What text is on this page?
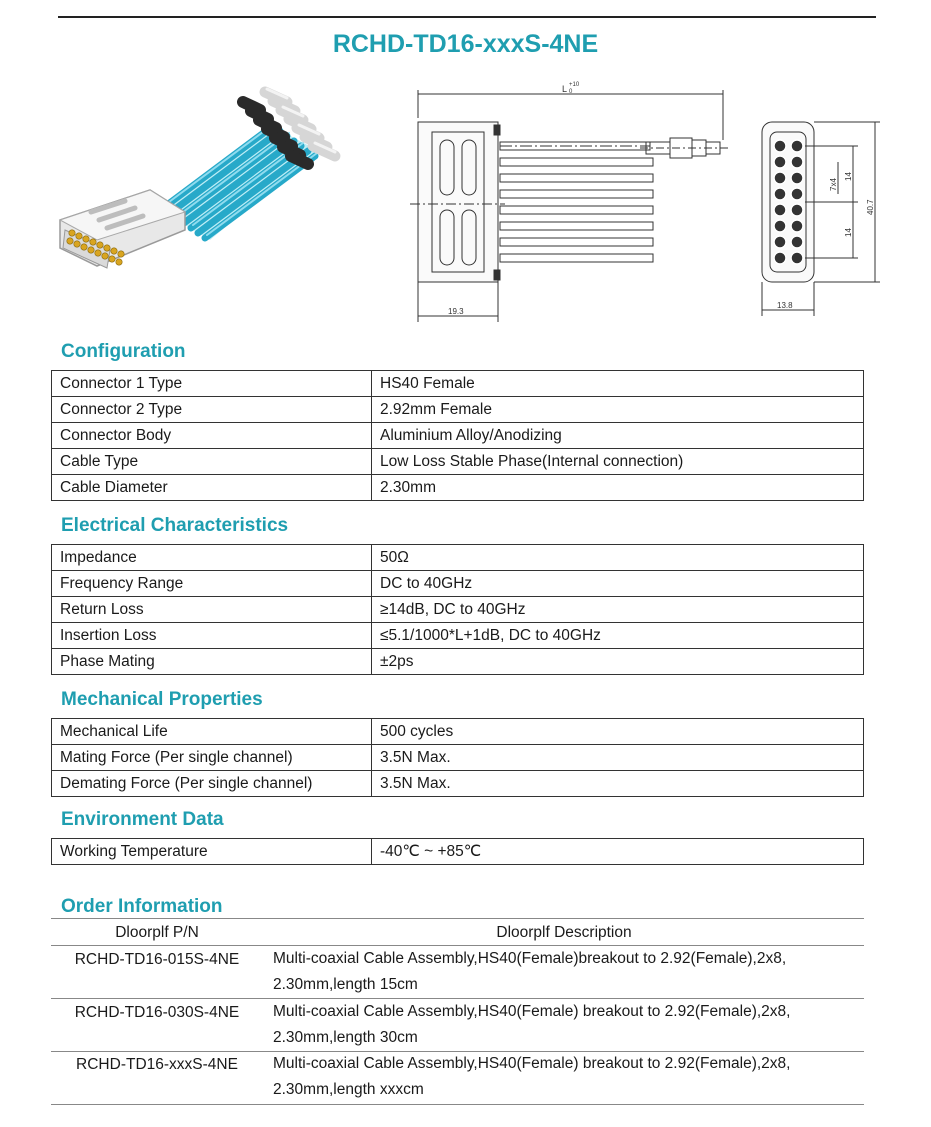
RCHD-TD16-xxxS-4NE
L +10
0
19.3
13.8
40.7
7x4
14
14
Configuration
Connector 1 Type	HS40 Female
Connector 2 Type	2.92mm Female
Connector Body	Aluminium Alloy/Anodizing
Cable Type	Low Loss Stable Phase(Internal connection)
Cable Diameter	2.30mm
Electrical Characteristics
Impedance	50Ω
Frequency Range	DC to 40GHz
Return Loss	≥14dB, DC to 40GHz
Insertion Loss	≤5.1/1000*L+1dB, DC to 40GHz
Phase Mating	±2ps
Mechanical Properties
Mechanical Life	500 cycles
Mating Force (Per single channel)	3.5N Max.
Demating Force (Per single channel)	3.5N Max.
Environment Data
Working Temperature	-40℃ ~ +85℃
Order Information
Dloorplf P/N	Dloorplf Description
RCHD-TD16-015S-4NE	Multi-coaxial Cable Assembly,HS40(Female)breakout to 2.92(Female),2x8,
2.30mm,length 15cm
RCHD-TD16-030S-4NE	Multi-coaxial Cable Assembly,HS40(Female) breakout to 2.92(Female),2x8,
2.30mm,length 30cm
RCHD-TD16-xxxS-4NE	Multi-coaxial Cable Assembly,HS40(Female) breakout to 2.92(Female),2x8,
2.30mm,length xxxcm
